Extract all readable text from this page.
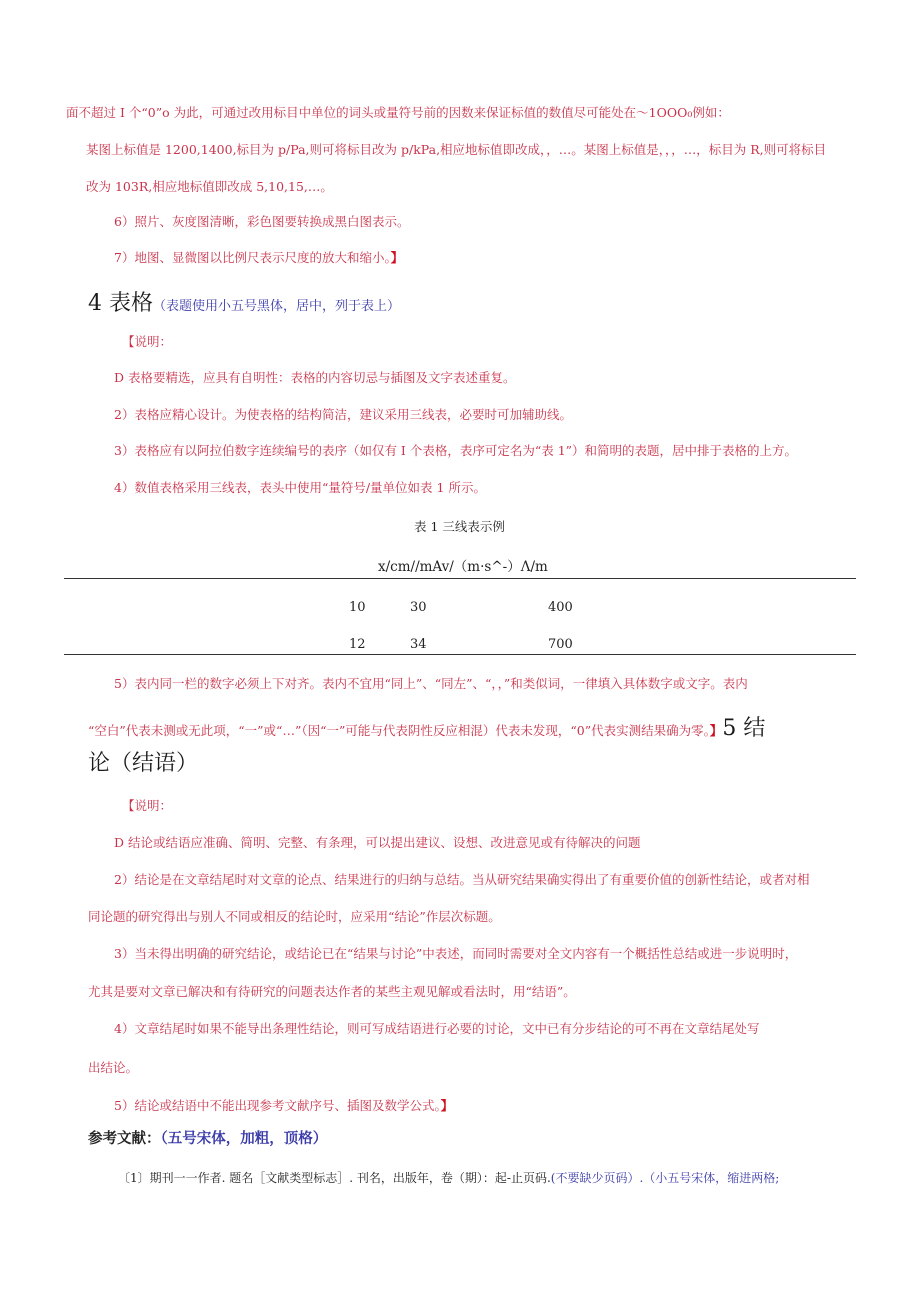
面不超过 I 个“0”o 为此，可通过改用标目中单位的词头或量符号前的因数来保证标值的数值尽可能处在～1OOO₀例如：
某图上标值是 1200,1400,标目为 p/Pa,则可将标目改为 p/kPa,相应地标值即改成，，…。某图上标值是，，，…，标目为 R,则可将标目
改为 103R,相应地标值即改成 5,10,15,…。
6）照片、灰度图清晰，彩色图要转换成黑白图表示。
7）地图、显微图以比例尺表示尺度的放大和缩小。】
4 表格（表题使用小五号黑体，居中，列于表上）
【说明：
D 表格要精选，应具有自明性：表格的内容切忌与插图及文字表述重复。
2）表格应精心设计。为使表格的结构简洁，建议采用三线表，必要时可加辅助线。
3）表格应有以阿拉伯数字连续编号的表序（如仅有 I 个表格，表序可定名为“表 1”）和简明的表题，居中排于表格的上方。
4）数值表格采用三线表，表头中使用“量符号/量单位如表 1 所示。
表 1 三线表示例
x/cm//mAv/（m·s^-）Λ/m
10	30	400
12	34	700
5）表内同一栏的数字必须上下对齐。表内不宜用“同上”、“同左”、“，，”和类似词，一律填入具体数字或文字。表内
“空白”代表未测或无此项，“一”或“…”（因“一”可能与代表阴性反应相混）代表未发现，“0”代表实测结果确为零。】5 结
论（结语）
【说明：
D 结论或结语应准确、简明、完整、有条理，可以提出建议、设想、改进意见或有待解决的问题
2）结论是在文章结尾时对文章的论点、结果进行的归纳与总结。当从研究结果确实得出了有重要价值的创新性结论，或者对相
同论题的研究得出与别人不同或相反的结论时，应采用“结论”作层次标题。
3）当未得出明确的研究结论，或结论已在“结果与讨论”中表述，而同时需要对全文内容有一个概括性总结或进一步说明时，
尤其是要对文章已解决和有待研究的问题表达作者的某些主观见解或看法时，用“结语”。
4）文章结尾时如果不能导出条理性结论，则可写成结语进行必要的讨论，文中已有分步结论的可不再在文章结尾处写
出结论。
5）结论或结语中不能出现参考文献序号、插图及数学公式。】
参考文献：（五号宋体，加粗，顶格）
〔1〕期刊一一作者. 题名［文献类型标志］. 刊名，出版年，卷（期）：起-止页码.(不要缺少页码）.（小五号宋体，缩进两格;
